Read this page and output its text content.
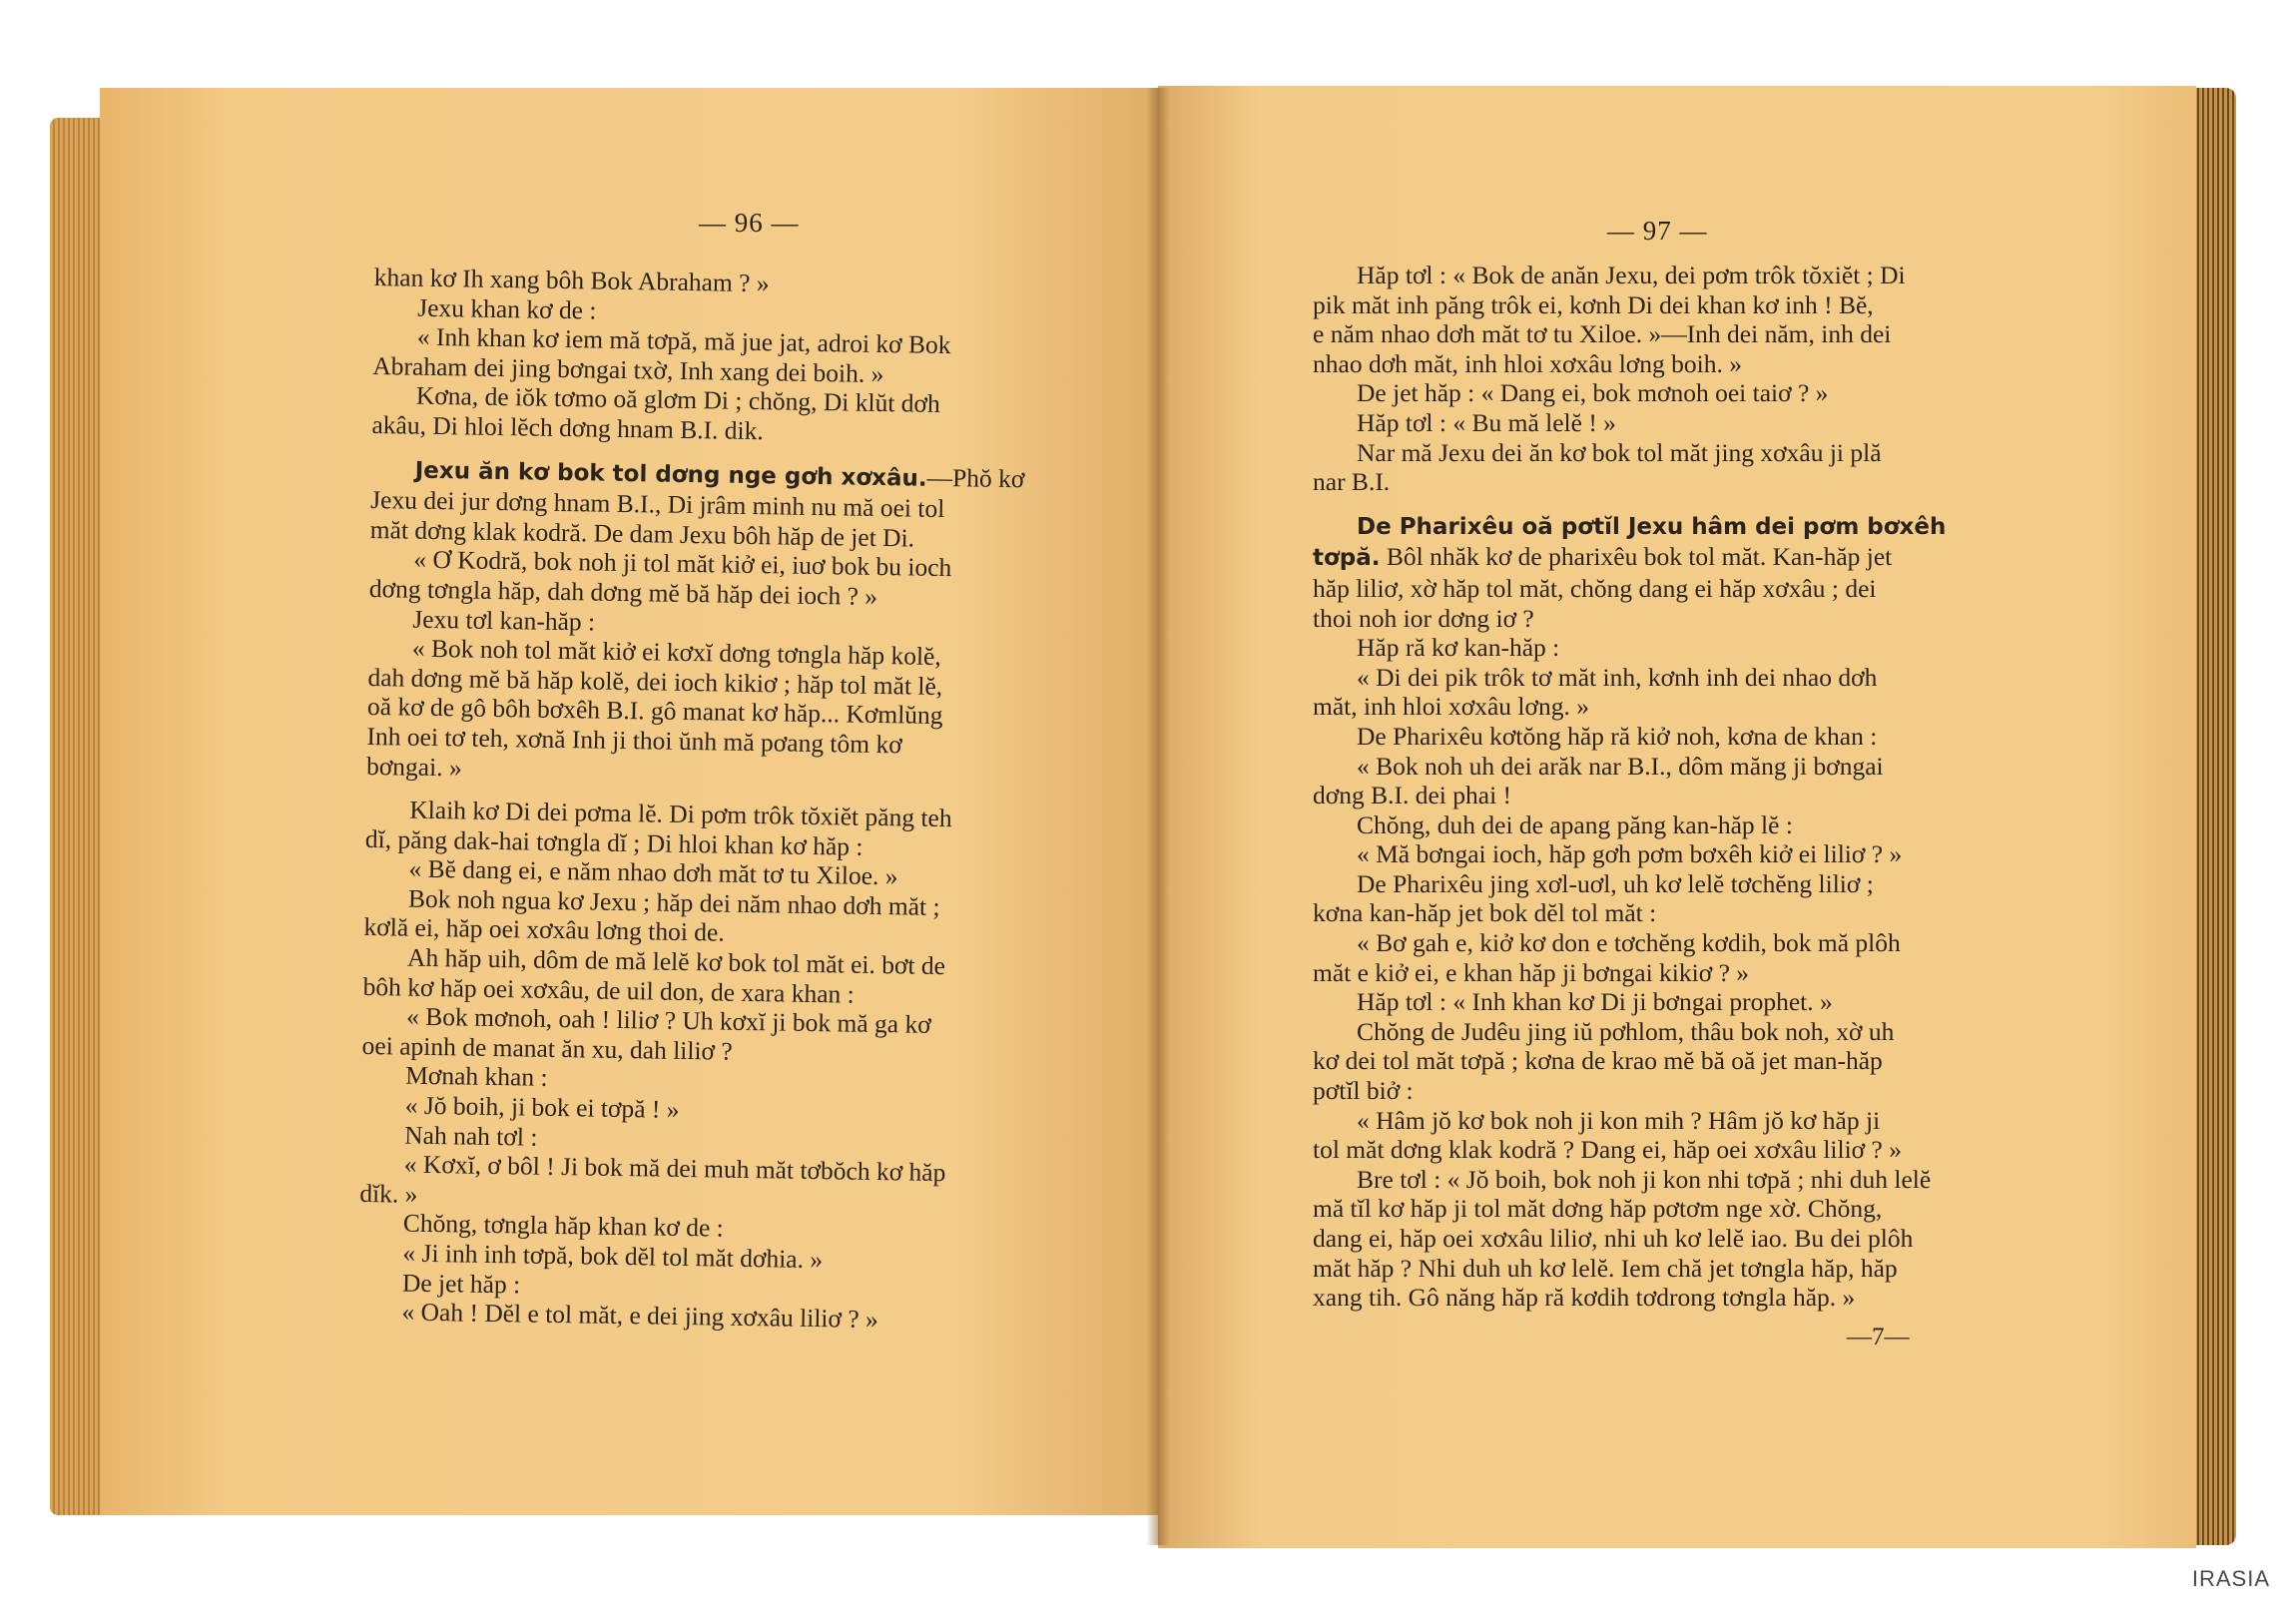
— 96 —

khan kơ Ih xang bôh Bok Abraham ? »

Jexu khan kơ de :

« Inh khan kơ iem mă tơpă, mă jue jat, adroi kơ Bok

Abraham dei jing bơngai txờ, Inh xang dei boih. »

Kơna, de iŏk tơmo oă glơm Di ; chŏng, Di klŭt dơh

akâu, Di hloi lĕch dơng hnam B.I. dik.

Jexu ăn kơ bok tol dơng nge gơh xơxâu.—Phŏ kơ

Jexu dei jur dơng hnam B.I., Di jrâm minh nu mă oei tol

măt dơng klak kodră. De dam Jexu bôh hăp de jet Di.

« Ơ Kodră, bok noh ji tol măt kiở ei, iuơ bok bu ioch

dơng tơngla hăp, dah dơng mĕ bă hăp dei ioch ? »

Jexu tơl kan-hăp :

« Bok noh tol măt kiở ei kơxĭ dơng tơngla hăp kolĕ,

dah dơng mĕ bă hăp kolĕ, dei ioch kikiơ ; hăp tol măt lĕ,

oă kơ de gô bôh bơxêh B.I. gô manat kơ hăp... Kơmlŭng

Inh oei tơ teh, xơnă Inh ji thoi ŭnh mă pơang tôm kơ

bơngai. »

Klaih kơ Di dei pơma lĕ. Di pơm trôk tŏxiĕt păng teh

dĭ, păng dak-hai tơngla dĭ ; Di hloi khan kơ hăp :

« Bĕ dang ei, e năm nhao dơh măt tơ tu Xiloe. »

Bok noh ngua kơ Jexu ; hăp dei năm nhao dơh măt ;

kơlă ei, hăp oei xơxâu lơng thoi de.

Ah hăp uih, dôm de mă lelĕ kơ bok tol măt ei. bơt de

bôh kơ hăp oei xơxâu, de uil don, de xara khan :

« Bok mơnoh, oah ! liliơ ? Uh kơxĭ ji bok mă ga kơ

oei apinh de manat ăn xu, dah liliơ ?

Mơnah khan :

« Jŏ boih, ji bok ei tơpă ! »

Nah nah tơl :

« Kơxĭ, ơ bôl ! Ji bok mă dei muh măt tơbŏch kơ hăp

dĭk. »

Chŏng, tơngla hăp khan kơ de :

« Ji inh inh tơpă, bok dĕl tol măt dơhia. »

De jet hăp :

« Oah ! Dĕl e tol măt, e dei jing xơxâu liliơ ? »

— 97 —

Hăp tơl : « Bok de anăn Jexu, dei pơm trôk tŏxiĕt ; Di

pik măt inh păng trôk ei, kơnh Di dei khan kơ inh ! Bĕ,

e năm nhao dơh măt tơ tu Xiloe. »—Inh dei năm, inh dei

nhao dơh măt, inh hloi xơxâu lơng boih. »

De jet hăp : « Dang ei, bok mơnoh oei taiơ ? »

Hăp tơl : « Bu mă lelĕ ! »

Nar mă Jexu dei ăn kơ bok tol măt jing xơxâu ji plă

nar B.I.

De Pharixêu oă pơtĭl Jexu hâm dei pơm bơxêh

tơpă. Bôl nhăk kơ de pharixêu bok tol măt. Kan-hăp jet

hăp liliơ, xờ hăp tol măt, chŏng dang ei hăp xơxâu ; dei

thoi noh ior dơng iơ ?

Hăp ră kơ kan-hăp :

« Di dei pik trôk tơ măt inh, kơnh inh dei nhao dơh

măt, inh hloi xơxâu lơng. »

De Pharixêu kơtŏng hăp ră kiở noh, kơna de khan :

« Bok noh uh dei arăk nar B.I., dôm măng ji bơngai

dơng B.I. dei phai !

Chŏng, duh dei de apang păng kan-hăp lĕ :

« Mă bơngai ioch, hăp gơh pơm bơxêh kiở ei liliơ ? »

De Pharixêu jing xơl-uơl, uh kơ lelĕ tơchĕng liliơ ;

kơna kan-hăp jet bok dĕl tol măt :

« Bơ gah e, kiở kơ don e tơchĕng kơdih, bok mă plôh

măt e kiở ei, e khan hăp ji bơngai kikiơ ? »

Hăp tơl : « Inh khan kơ Di ji bơngai prophet. »

Chŏng de Judêu jing iŭ pơhlom, thâu bok noh, xờ uh

kơ dei tol măt tơpă ; kơna de krao mĕ bă oă jet man-hăp

pơtĭl biở :

« Hâm jŏ kơ bok noh ji kon mih ? Hâm jŏ kơ hăp ji

tol măt dơng klak kodră ? Dang ei, hăp oei xơxâu liliơ ? »

Bre tơl : « Jŏ boih, bok noh ji kon nhi tơpă ; nhi duh lelĕ

mă tĭl kơ hăp ji tol măt dơng hăp pơtơm nge xờ. Chŏng,

dang ei, hăp oei xơxâu liliơ, nhi uh kơ lelĕ iao. Bu dei plôh

măt hăp ? Nhi duh uh kơ lelĕ. Iem chă jet tơngla hăp, hăp

xang tih. Gô năng hăp ră kơdih tơdrong tơngla hăp. »

—7—
IRASIA
